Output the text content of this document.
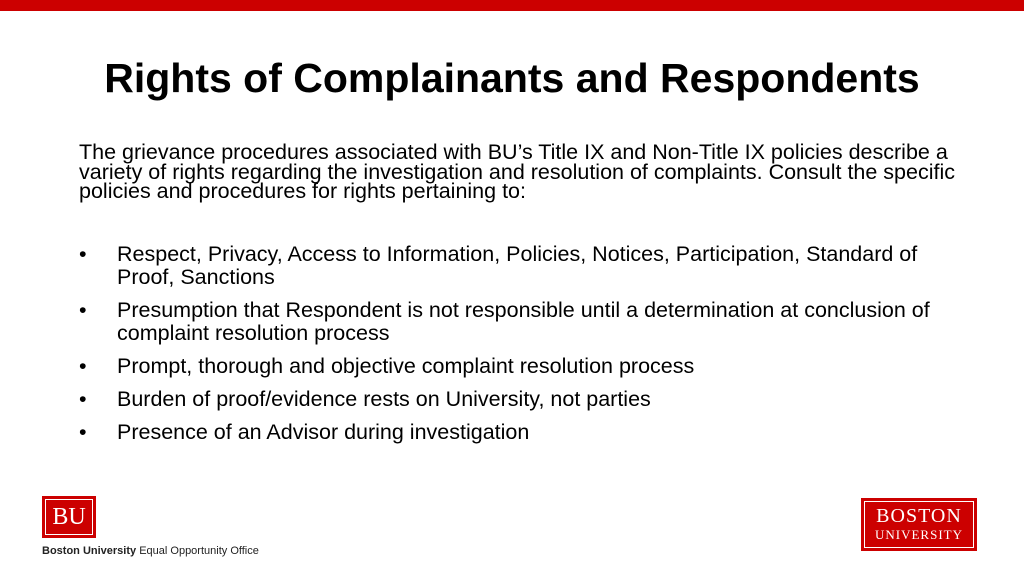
Rights of Complainants and Respondents

The grievance procedures associated with BU’s Title IX and Non-Title IX policies describe a variety of rights regarding the investigation and resolution of complaints. Consult the specific policies and procedures for rights pertaining to:

• Respect, Privacy, Access to Information, Policies, Notices, Participation, Standard of Proof, Sanctions
• Presumption that Respondent is not responsible until a determination at conclusion of complaint resolution process
• Prompt, thorough and objective complaint resolution process
• Burden of proof/evidence rests on University, not parties
• Presence of an Advisor during investigation
BU
Boston University Equal Opportunity Office
BOSTON
UNIVERSITY
